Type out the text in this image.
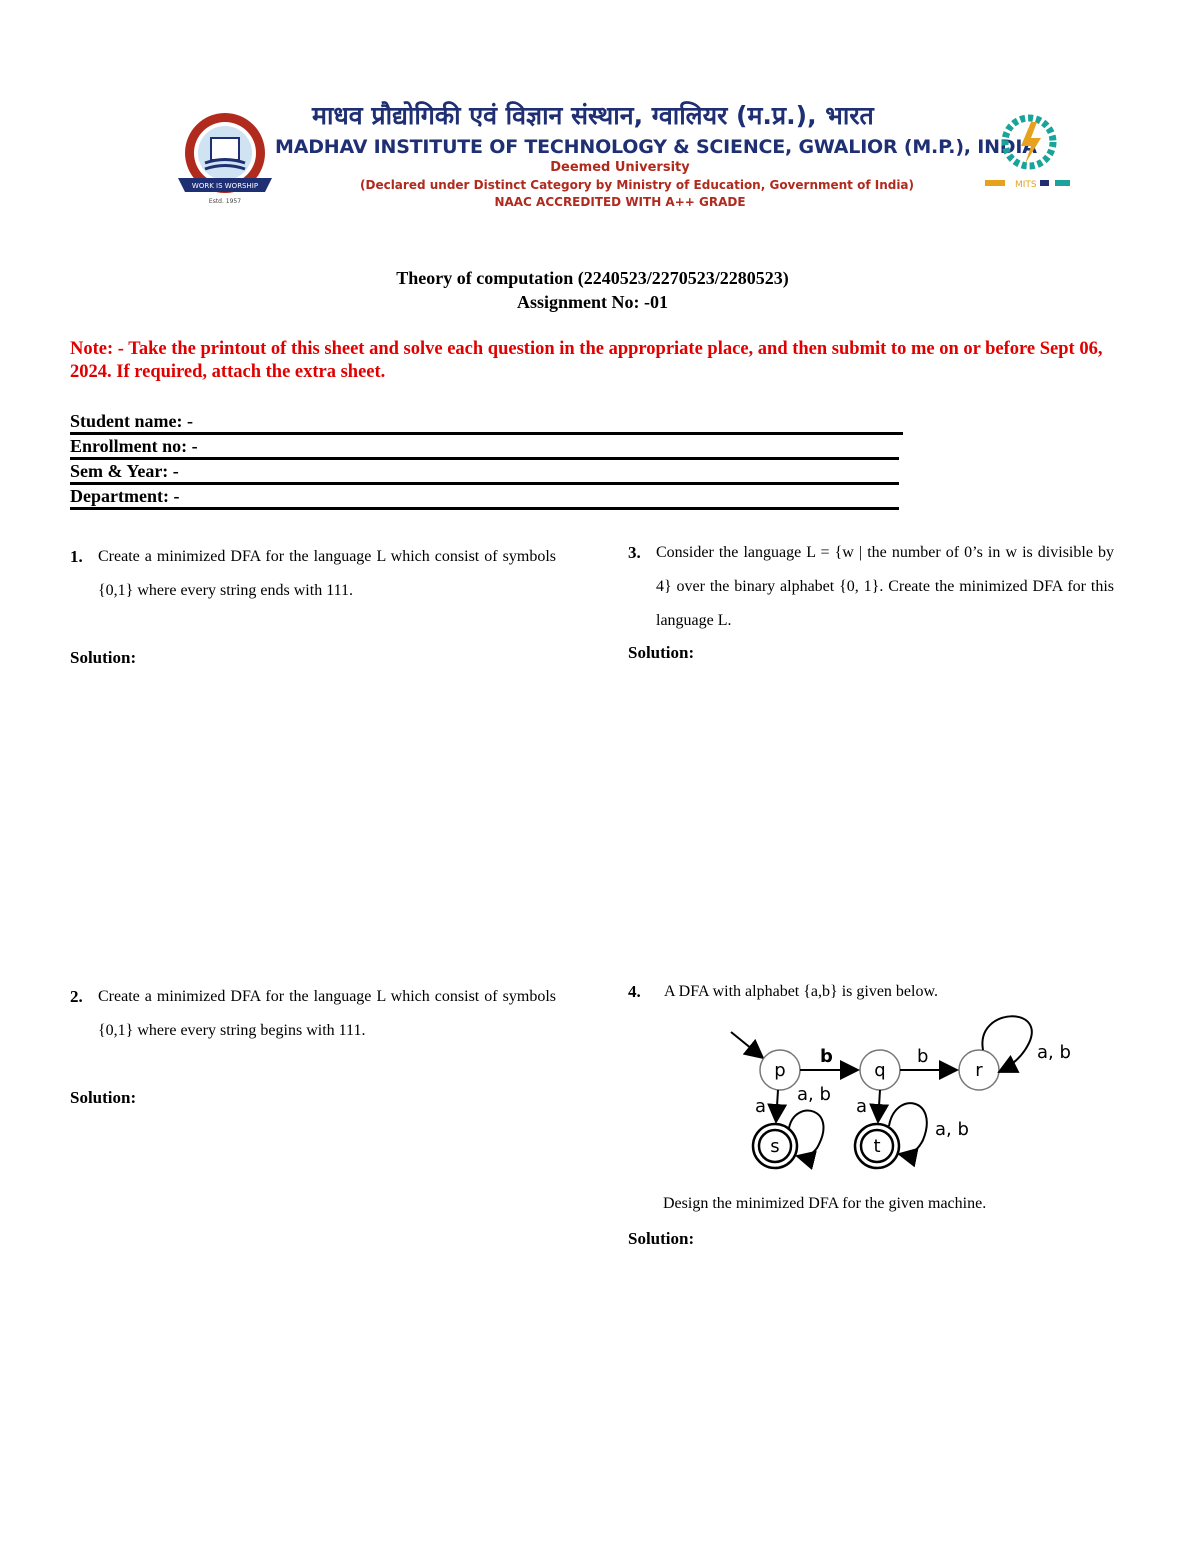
WORK IS WORSHIP
Estd. 1957
माधव प्रौद्योगिकी एवं विज्ञान संस्थान, ग्वालियर (म.प्र.), भारत
MADHAV INSTITUTE OF TECHNOLOGY & SCIENCE, GWALIOR (M.P.), INDIA
Deemed University
(Declared under Distinct Category by Ministry of Education, Government of India)
NAAC ACCREDITED WITH A++ GRADE
MITS
Theory of computation (2240523/2270523/2280523)
Assignment No: -01
Note: - Take the printout of this sheet and solve each question in the appropriate place, and then submit to me on or before Sept 06, 2024. If required, attach the extra sheet.
Student name: -
Enrollment no: -
Sem & Year: -
Department: -
1. Create a minimized DFA for the language L which consist of symbols {0,1} where every string ends with 111.
Solution:
2. Create a minimized DFA for the language L which consist of symbols {0,1} where every string begins with 111.
Solution:
3. Consider the language L = {w | the number of 0’s in w is divisible by 4} over the binary alphabet {0, 1}. Create the minimized DFA for this language L.
Solution:
4. A DFA with alphabet {a,b} is given below.
p	q	r
s	t
b	b	a, b
a
a, b
a
a, b
Design the minimized DFA for the given machine.
Solution:
